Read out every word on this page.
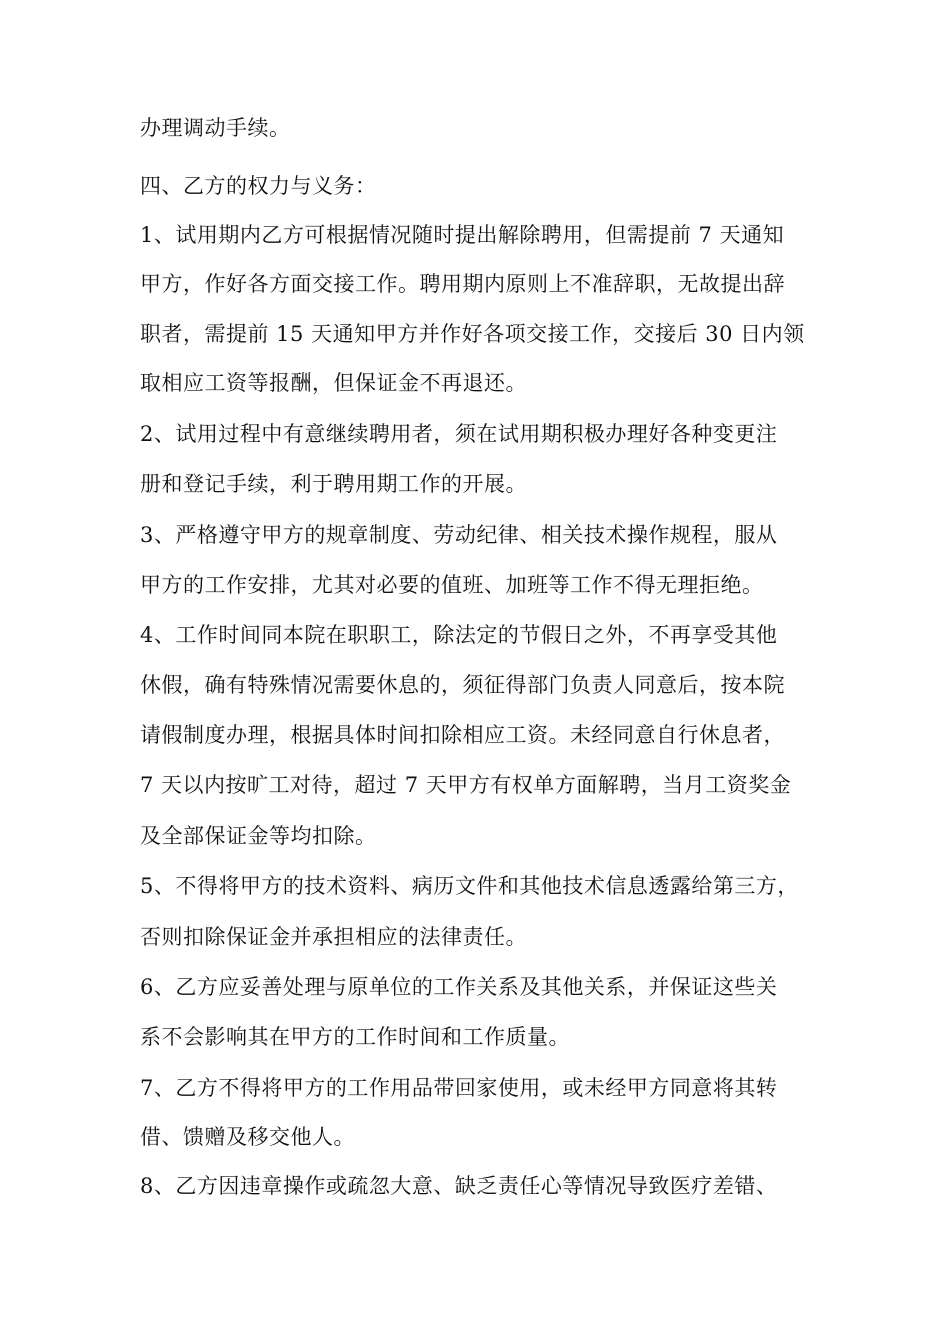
办理调动手续。
四、乙方的权力与义务：
1、试用期内乙方可根据情况随时提出解除聘用，但需提前 7 天通知
甲方，作好各方面交接工作。聘用期内原则上不准辞职，无故提出辞
职者，需提前 15 天通知甲方并作好各项交接工作，交接后 30 日内领
取相应工资等报酬，但保证金不再退还。
2、试用过程中有意继续聘用者，须在试用期积极办理好各种变更注
册和登记手续，利于聘用期工作的开展。
3、严格遵守甲方的规章制度、劳动纪律、相关技术操作规程，服从
甲方的工作安排，尤其对必要的值班、加班等工作不得无理拒绝。
4、工作时间同本院在职职工，除法定的节假日之外，不再享受其他
休假，确有特殊情况需要休息的，须征得部门负责人同意后，按本院
请假制度办理，根据具体时间扣除相应工资。未经同意自行休息者，
7 天以内按旷工对待，超过 7 天甲方有权单方面解聘，当月工资奖金
及全部保证金等均扣除。
5、不得将甲方的技术资料、病历文件和其他技术信息透露给第三方，
否则扣除保证金并承担相应的法律责任。
6、乙方应妥善处理与原单位的工作关系及其他关系，并保证这些关
系不会影响其在甲方的工作时间和工作质量。
7、乙方不得将甲方的工作用品带回家使用，或未经甲方同意将其转
借、馈赠及移交他人。
8、乙方因违章操作或疏忽大意、缺乏责任心等情况导致医疗差错、
